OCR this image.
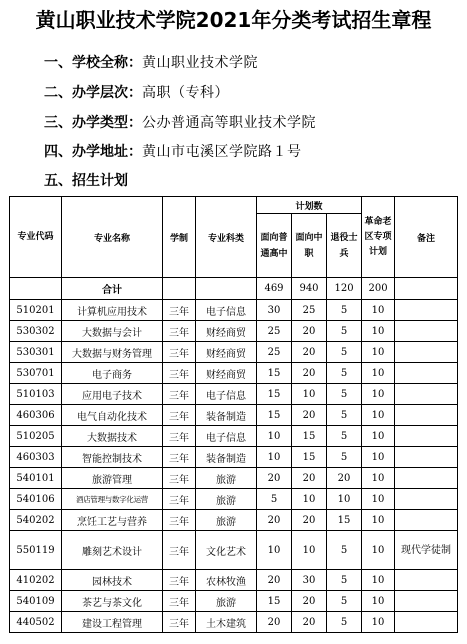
黄山职业技术学院2021年分类考试招生章程
一、学校全称：黄山职业技术学院
二、办学层次：高职（专科）
三、办学类型：公办普通高等职业技术学院
四、办学地址：黄山市屯溪区学院路１号
五、招生计划
专业代码	专业名称	学制	专业科类	计划数			革命老区专项计划	备注
				面向普通高中	面向中职	退役士兵		
	合计			469	940	120	200	
510201	计算机应用技术	三年	电子信息	30	25	5	10	
530302	大数据与会计	三年	财经商贸	25	20	5	10	
530301	大数据与财务管理	三年	财经商贸	25	20	5	10	
530701	电子商务	三年	财经商贸	15	20	5	10	
510103	应用电子技术	三年	电子信息	15	10	5	10	
460306	电气自动化技术	三年	装备制造	15	20	5	10	
510205	大数据技术	三年	电子信息	10	15	5	10	
460303	智能控制技术	三年	装备制造	10	15	5	10	
540101	旅游管理	三年	旅游	20	20	20	10	
540106	酒店管理与数字化运营	三年	旅游	5	10	10	10	
540202	烹饪工艺与营养	三年	旅游	20	20	15	10	
550119	雕刻艺术设计	三年	文化艺术	10	10	5	10	现代学徒制
410202	园林技术	三年	农林牧渔	20	30	5	10	
540109	茶艺与茶文化	三年	旅游	15	20	5	10	
440502	建设工程管理	三年	土木建筑	20	20	5	10	
